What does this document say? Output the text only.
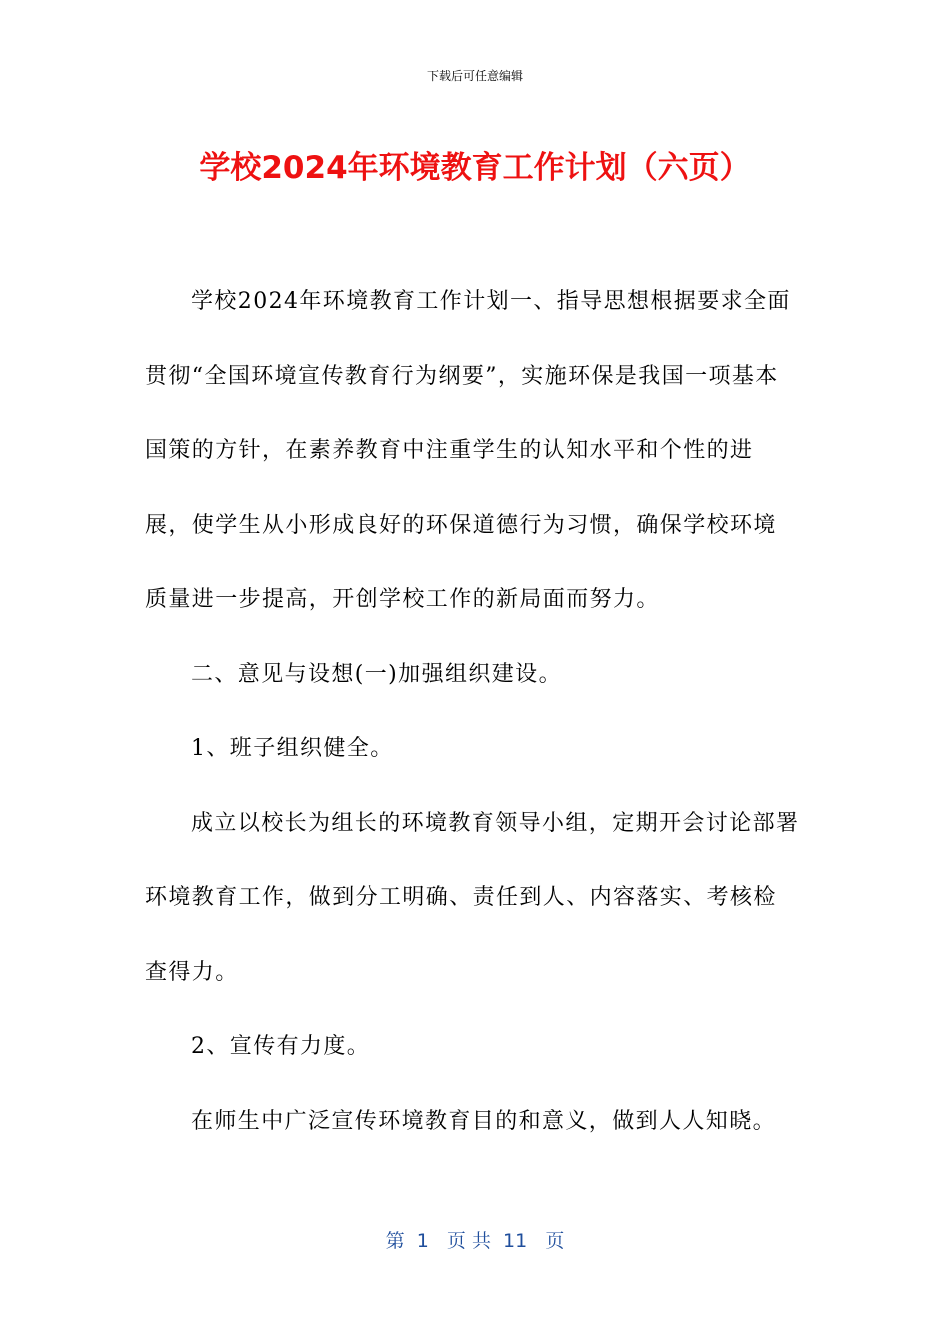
下载后可任意编辑
学校2024年环境教育工作计划（六页）

学校2024年环境教育工作计划一、指导思想根据要求全面贯彻“全国环境宣传教育行为纲要”，实施环保是我国一项基本国策的方针，在素养教育中注重学生的认知水平和个性的进展，使学生从小形成良好的环保道德行为习惯，确保学校环境质量进一步提高，开创学校工作的新局面而努力。

二、意见与设想(一)加强组织建设。

1、班子组织健全。

成立以校长为组长的环境教育领导小组，定期开会讨论部署环境教育工作，做到分工明确、责任到人、内容落实、考核检查得力。

2、宣传有力度。

在师生中广泛宣传环境教育目的和意义，做到人人知晓。

第  1   页 共  11   页
